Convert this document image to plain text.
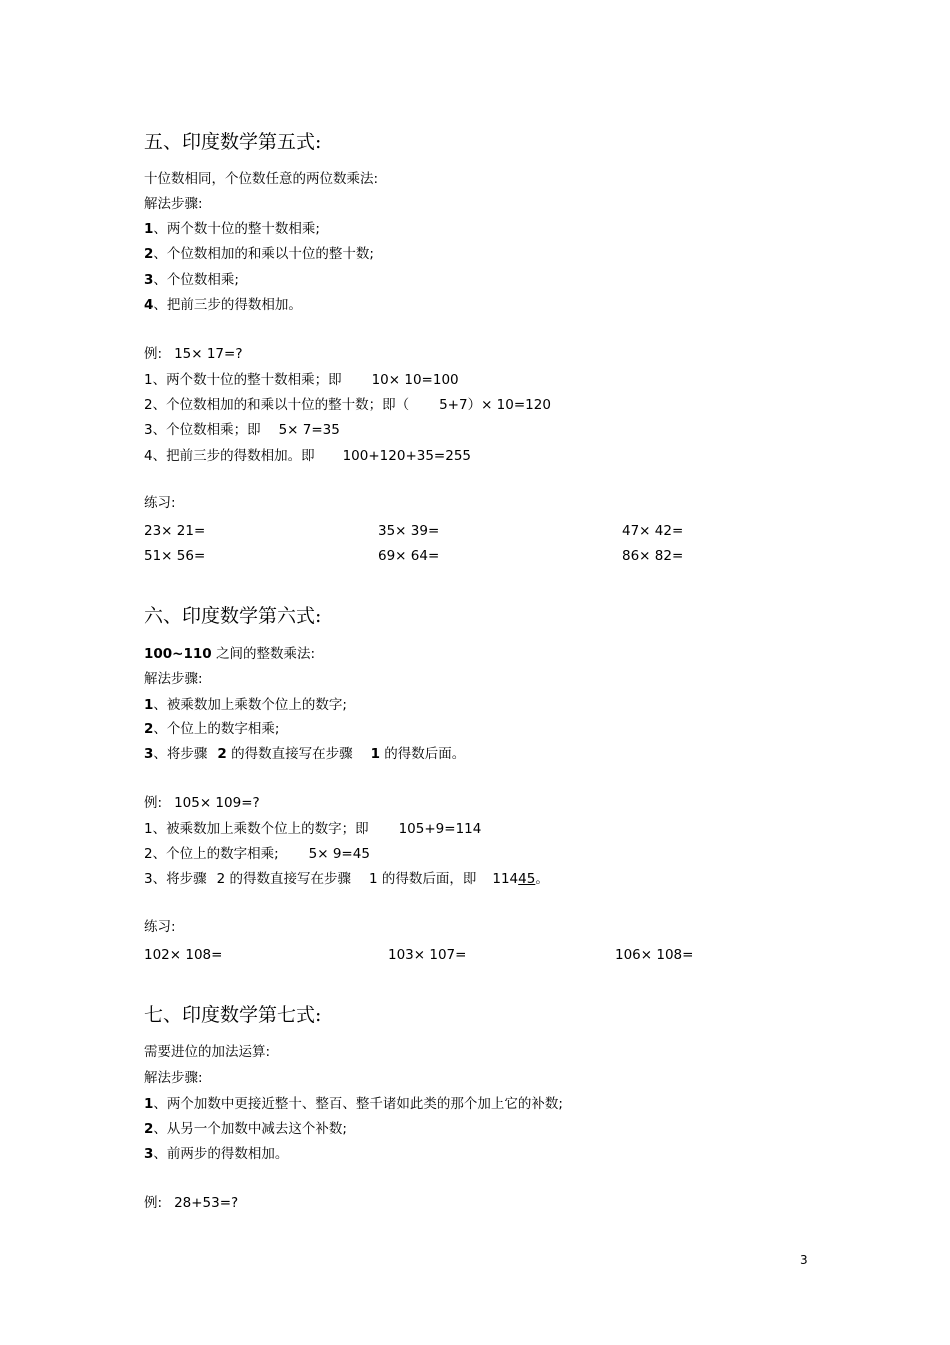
五、印度数学第五式:
十位数相同，个位数任意的两位数乘法:
解法步骤:
1、两个数十位的整十数相乘;
2、个位数相加的和乘以十位的整十数;
3、个位数相乘;
4、把前三步的得数相加。
例: 15× 17=?
1、两个数十位的整十数相乘；即 10× 10=100
2、个位数相加的和乘以十位的整十数；即（ 5+7）× 10=120
3、个位数相乘；即 5× 7=35
4、把前三步的得数相加。即 100+120+35=255
练习:
23× 21=	35× 39=	47× 42=
51× 56=	69× 64=	86× 82=
六、印度数学第六式:
100~110 之间的整数乘法:
解法步骤:
1、被乘数加上乘数个位上的数字;
2、个位上的数字相乘;
3、将步骤 2 的得数直接写在步骤 1 的得数后面。
例: 105× 109=?
1、被乘数加上乘数个位上的数字；即 105+9=114
2、个位上的数字相乘; 5× 9=45
3、将步骤 2 的得数直接写在步骤 1 的得数后面，即 11445。
练习:
102× 108=	103× 107=	106× 108=
七、印度数学第七式:
需要进位的加法运算:
解法步骤:
1、两个加数中更接近整十、整百、整千诸如此类的那个加上它的补数;
2、从另一个加数中减去这个补数;
3、前两步的得数相加。
例: 28+53=?
3
